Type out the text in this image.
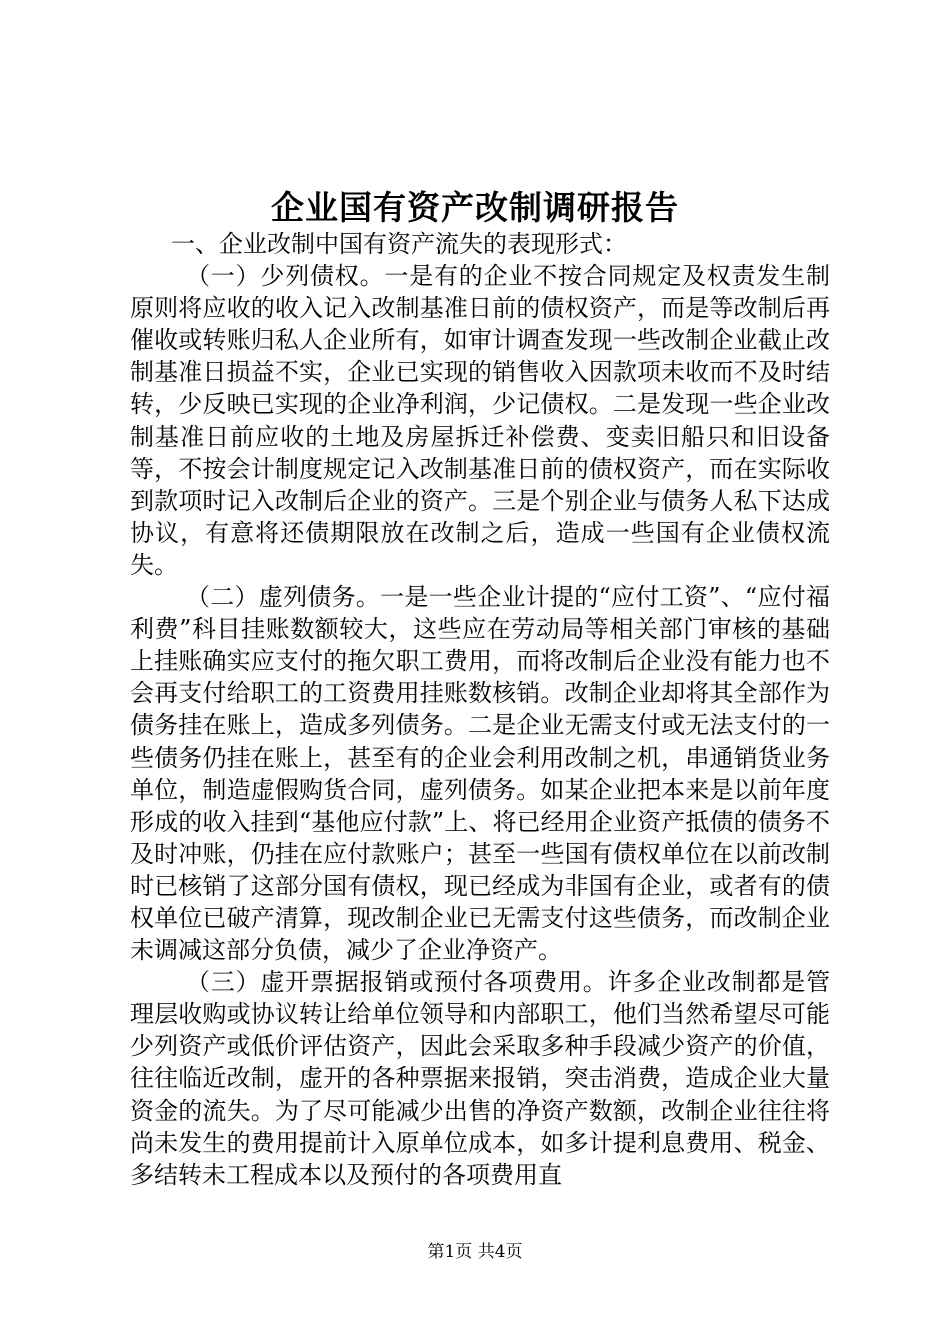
企业国有资产改制调研报告

一、企业改制中国有资产流失的表现形式：

（一）少列债权。一是有的企业不按合同规定及权责发生制原则将应收的收入记入改制基准日前的债权资产，而是等改制后再催收或转账归私人企业所有，如审计调查发现一些改制企业截止改制基准日损益不实，企业已实现的销售收入因款项未收而不及时结转，少反映已实现的企业净利润，少记债权。二是发现一些企业改制基准日前应收的土地及房屋拆迁补偿费、变卖旧船只和旧设备等，不按会计制度规定记入改制基准日前的债权资产，而在实际收到款项时记入改制后企业的资产。三是个别企业与债务人私下达成协议，有意将还债期限放在改制之后，造成一些国有企业债权流失。

（二）虚列债务。一是一些企业计提的“应付工资”、“应付福利费”科目挂账数额较大，这些应在劳动局等相关部门审核的基础上挂账确实应支付的拖欠职工费用，而将改制后企业没有能力也不会再支付给职工的工资费用挂账数核销。改制企业却将其全部作为债务挂在账上，造成多列债务。二是企业无需支付或无法支付的一些债务仍挂在账上，甚至有的企业会利用改制之机，串通销货业务单位，制造虚假购货合同，虚列债务。如某企业把本来是以前年度形成的收入挂到“基他应付款”上、将已经用企业资产抵债的债务不及时冲账，仍挂在应付款账户；甚至一些国有债权单位在以前改制时已核销了这部分国有债权，现已经成为非国有企业，或者有的债权单位已破产清算，现改制企业已无需支付这些债务，而改制企业未调减这部分负债，减少了企业净资产。

（三）虚开票据报销或预付各项费用。许多企业改制都是管理层收购或协议转让给单位领导和内部职工，他们当然希望尽可能少列资产或低价评估资产，因此会采取多种手段减少资产的价值，往往临近改制，虚开的各种票据来报销，突击消费，造成企业大量资金的流失。为了尽可能减少出售的净资产数额，改制企业往往将尚未发生的费用提前计入原单位成本，如多计提利息费用、税金、多结转未工程成本以及预付的各项费用直

第1页 共4页
